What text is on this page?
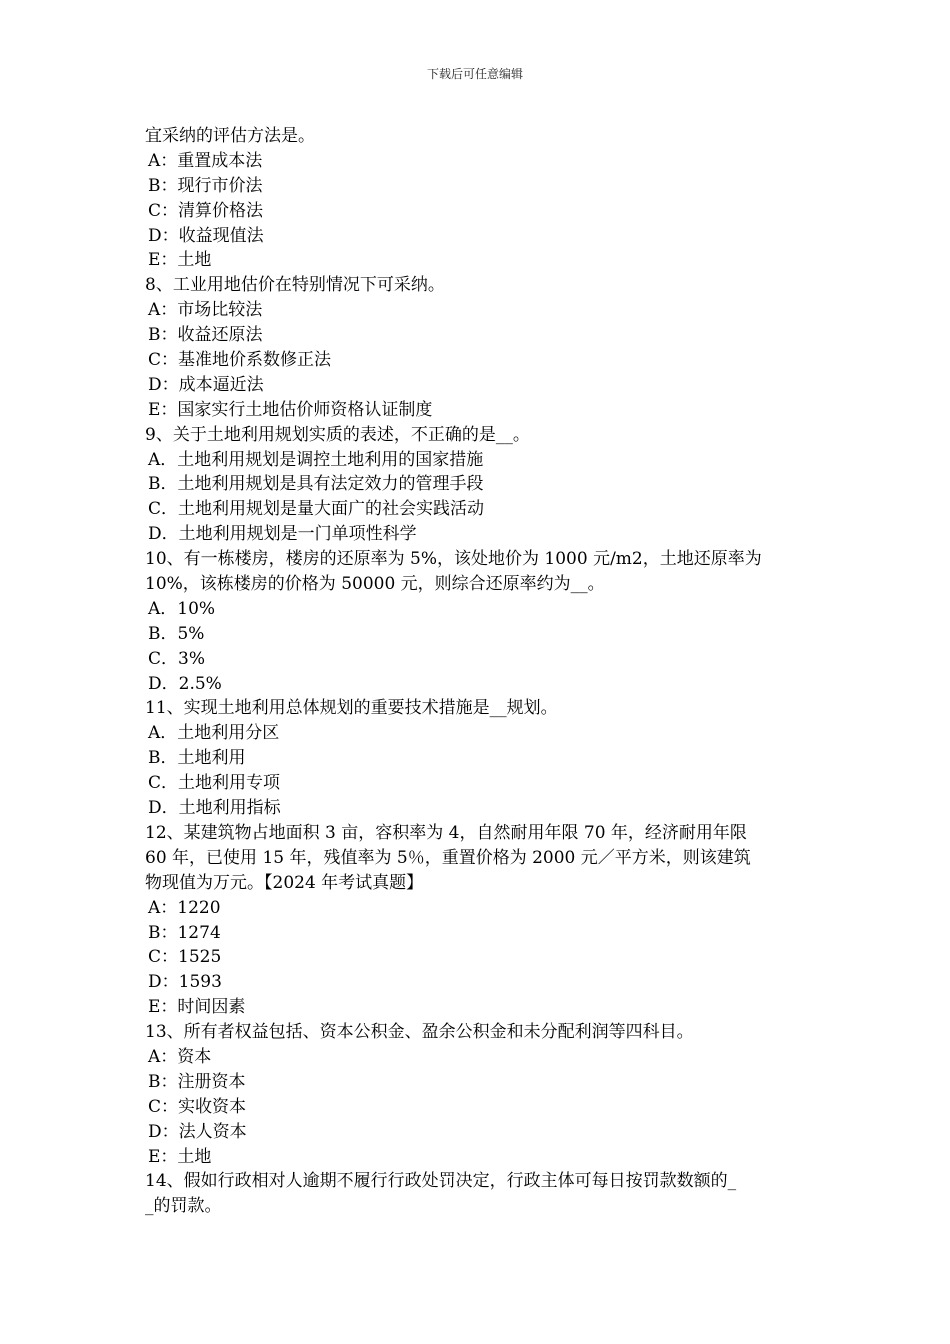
下载后可任意编辑
宜采纳的评估方法是。
A：重置成本法
B：现行市价法
C：清算价格法
D：收益现值法
E：土地
8、工业用地估价在特别情况下可采纳。
A：市场比较法
B：收益还原法
C：基准地价系数修正法
D：成本逼近法
E：国家实行土地估价师资格认证制度
9、关于土地利用规划实质的表述，不正确的是__。
A．土地利用规划是调控土地利用的国家措施
B．土地利用规划是具有法定效力的管理手段
C．土地利用规划是量大面广的社会实践活动
D．土地利用规划是一门单项性科学
10、有一栋楼房，楼房的还原率为 5%，该处地价为 1000 元/m2，土地还原率为
10%，该栋楼房的价格为 50000 元，则综合还原率约为__。
A．10%
B．5%
C．3%
D．2.5%
11、实现土地利用总体规划的重要技术措施是__规划。
A．土地利用分区
B．土地利用
C．土地利用专项
D．土地利用指标
12、某建筑物占地面积 3 亩，容积率为 4，自然耐用年限 70 年，经济耐用年限
60 年，已使用 15 年，残值率为 5％，重置价格为 2000 元／平方米，则该建筑
物现值为万元。【2024 年考试真题】
A：1220
B：1274
C：1525
D：1593
E：时间因素
13、所有者权益包括、资本公积金、盈余公积金和未分配利润等四科目。
A：资本
B：注册资本
C：实收资本
D：法人资本
E：土地
14、假如行政相对人逾期不履行行政处罚决定，行政主体可每日按罚款数额的_
_的罚款。
